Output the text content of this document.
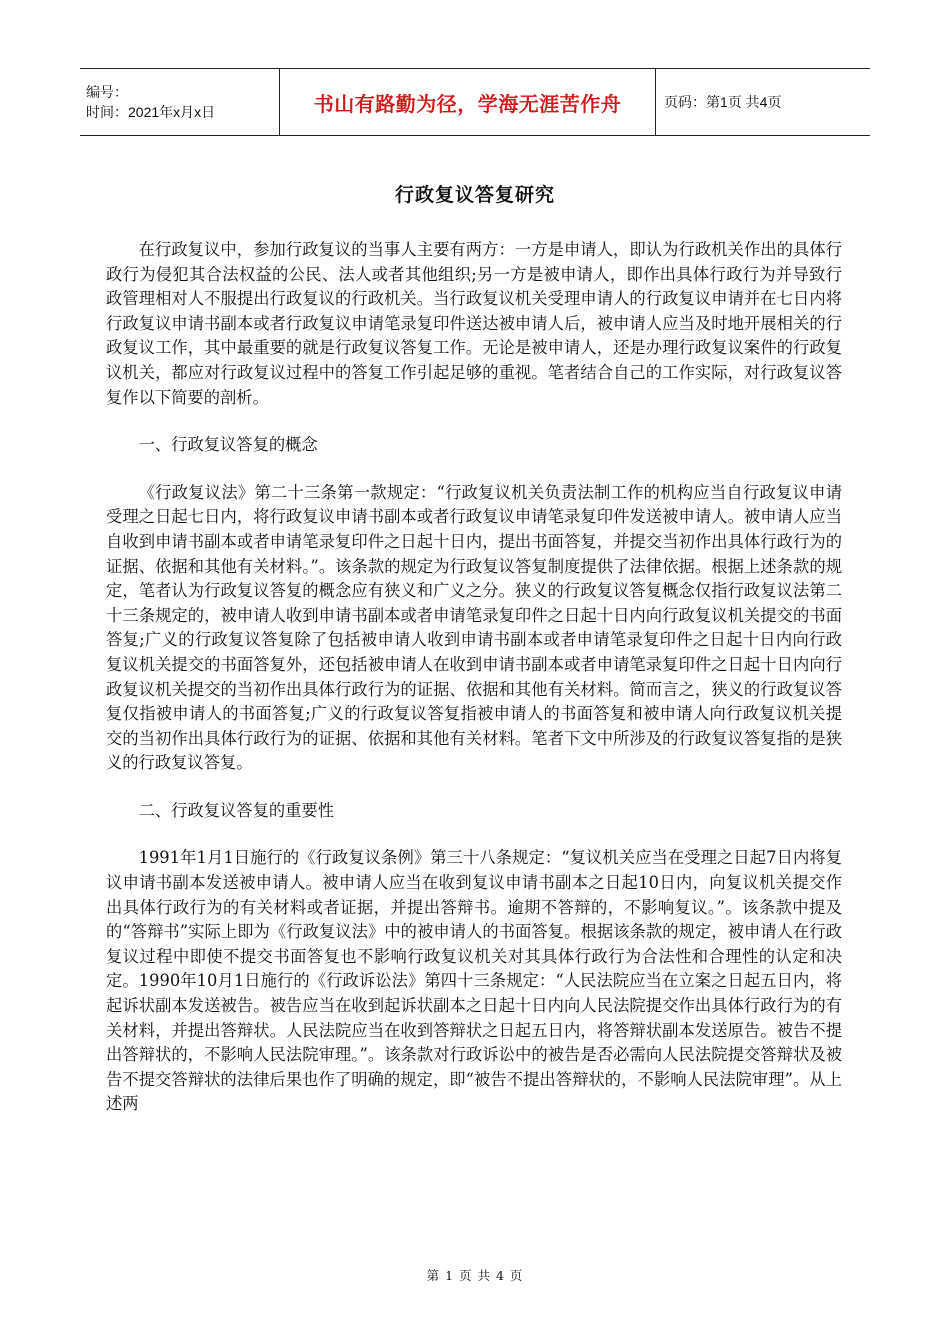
编号：
时间：2021年x月x日	书山有路勤为径，学海无涯苦作舟	页码：第1页 共4页
行政复议答复研究

在行政复议中，参加行政复议的当事人主要有两方：一方是申请人，即认为行政机关作出的具体行政行为侵犯其合法权益的公民、法人或者其他组织;另一方是被申请人，即作出具体行政行为并导致行政管理相对人不服提出行政复议的行政机关。当行政复议机关受理申请人的行政复议申请并在七日内将行政复议申请书副本或者行政复议申请笔录复印件送达被申请人后，被申请人应当及时地开展相关的行政复议工作，其中最重要的就是行政复议答复工作。无论是被申请人，还是办理行政复议案件的行政复议机关，都应对行政复议过程中的答复工作引起足够的重视。笔者结合自己的工作实际，对行政复议答复作以下简要的剖析。

一、行政复议答复的概念

《行政复议法》第二十三条第一款规定：“行政复议机关负责法制工作的机构应当自行政复议申请受理之日起七日内，将行政复议申请书副本或者行政复议申请笔录复印件发送被申请人。被申请人应当自收到申请书副本或者申请笔录复印件之日起十日内，提出书面答复，并提交当初作出具体行政行为的证据、依据和其他有关材料。”。该条款的规定为行政复议答复制度提供了法律依据。根据上述条款的规定，笔者认为行政复议答复的概念应有狭义和广义之分。狭义的行政复议答复概念仅指行政复议法第二十三条规定的，被申请人收到申请书副本或者申请笔录复印件之日起十日内向行政复议机关提交的书面答复;广义的行政复议答复除了包括被申请人收到申请书副本或者申请笔录复印件之日起十日内向行政复议机关提交的书面答复外，还包括被申请人在收到申请书副本或者申请笔录复印件之日起十日内向行政复议机关提交的当初作出具体行政行为的证据、依据和其他有关材料。简而言之，狭义的行政复议答复仅指被申请人的书面答复;广义的行政复议答复指被申请人的书面答复和被申请人向行政复议机关提交的当初作出具体行政行为的证据、依据和其他有关材料。笔者下文中所涉及的行政复议答复指的是狭义的行政复议答复。

二、行政复议答复的重要性

1991年1月1日施行的《行政复议条例》第三十八条规定：“复议机关应当在受理之日起7日内将复议申请书副本发送被申请人。被申请人应当在收到复议申请书副本之日起10日内，向复议机关提交作出具体行政行为的有关材料或者证据，并提出答辩书。逾期不答辩的，不影响复议。”。该条款中提及的“答辩书”实际上即为《行政复议法》中的被申请人的书面答复。根据该条款的规定，被申请人在行政复议过程中即使不提交书面答复也不影响行政复议机关对其具体行政行为合法性和合理性的认定和决定。1990年10月1日施行的《行政诉讼法》第四十三条规定：“人民法院应当在立案之日起五日内，将起诉状副本发送被告。被告应当在收到起诉状副本之日起十日内向人民法院提交作出具体行政行为的有关材料，并提出答辩状。人民法院应当在收到答辩状之日起五日内，将答辩状副本发送原告。被告不提出答辩状的，不影响人民法院审理。”。该条款对行政诉讼中的被告是否必需向人民法院提交答辩状及被告不提交答辩状的法律后果也作了明确的规定，即“被告不提出答辩状的，不影响人民法院审理”。从上述两

第 1 页 共 4 页
